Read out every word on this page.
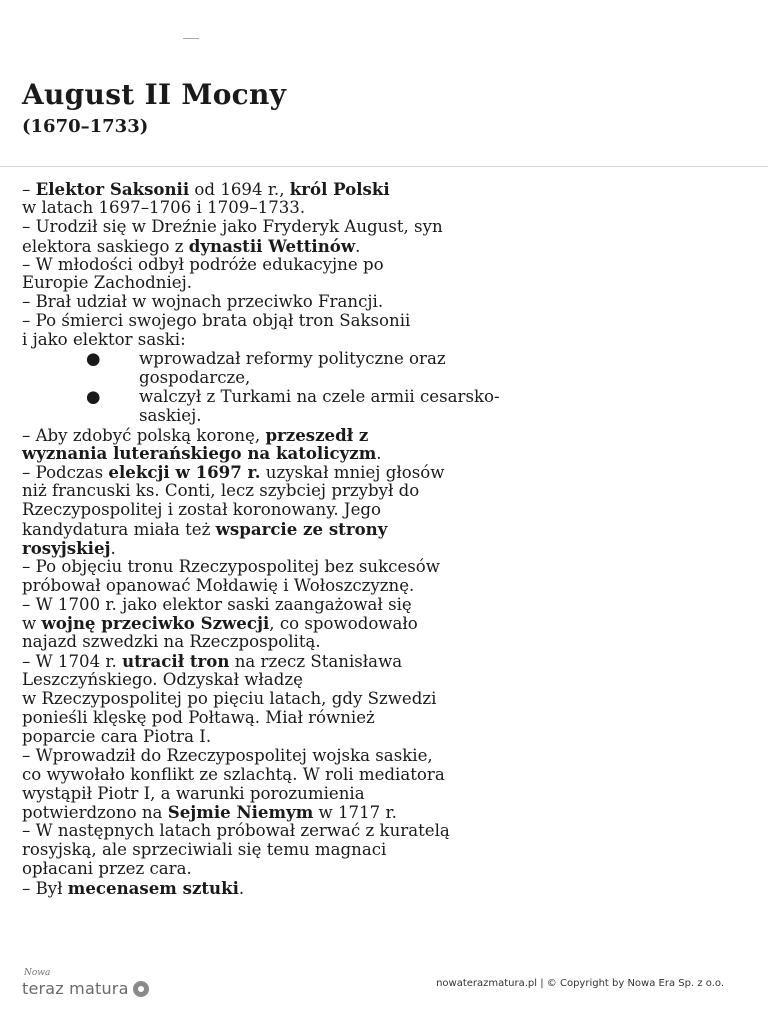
August II Mocny
(1670–1733)
– Elektor Saksonii od 1694 r., król Polski
w latach 1697–1706 i 1709–1733.
– Urodził się w Dreźnie jako Fryderyk August, syn
elektora saskiego z dynastii Wettinów.
– W młodości odbył podróże edukacyjne po
Europie Zachodniej.
– Brał udział w wojnach przeciwko Francji.
– Po śmierci swojego brata objął tron Saksonii
i jako elektor saski:
● wprowadzał reformy polityczne oraz
gospodarcze,
● walczył z Turkami na czele armii cesarsko-
saskiej.
– Aby zdobyć polską koronę, przeszedł z
wyznania luterańskiego na katolicyzm.
– Podczas elekcji w 1697 r. uzyskał mniej głosów
niż francuski ks. Conti, lecz szybciej przybył do
Rzeczypospolitej i został koronowany. Jego
kandydatura miała też wsparcie ze strony
rosyjskiej.
– Po objęciu tronu Rzeczypospolitej bez sukcesów
próbował opanować Mołdawię i Wołoszczyznę.
– W 1700 r. jako elektor saski zaangażował się
w wojnę przeciwko Szwecji, co spowodowało
najazd szwedzki na Rzeczpospolitą.
– W 1704 r. utracił tron na rzecz Stanisława
Leszczyńskiego. Odzyskał władzę
w Rzeczypospolitej po pięciu latach, gdy Szwedzi
ponieśli klęskę pod Połtawą. Miał również
poparcie cara Piotra I.
– Wprowadził do Rzeczypospolitej wojska saskie,
co wywołało konflikt ze szlachtą. W roli mediatora
wystąpił Piotr I, a warunki porozumienia
potwierdzono na Sejmie Niemym w 1717 r.
– W następnych latach próbował zerwać z kuratelą
rosyjską, ale sprzeciwiali się temu magnaci
opłacani przez cara.
– Był mecenasem sztuki.
Nowa
teraz matura	nowaterazmatura.pl | © Copyright by Nowa Era Sp. z o.o.
